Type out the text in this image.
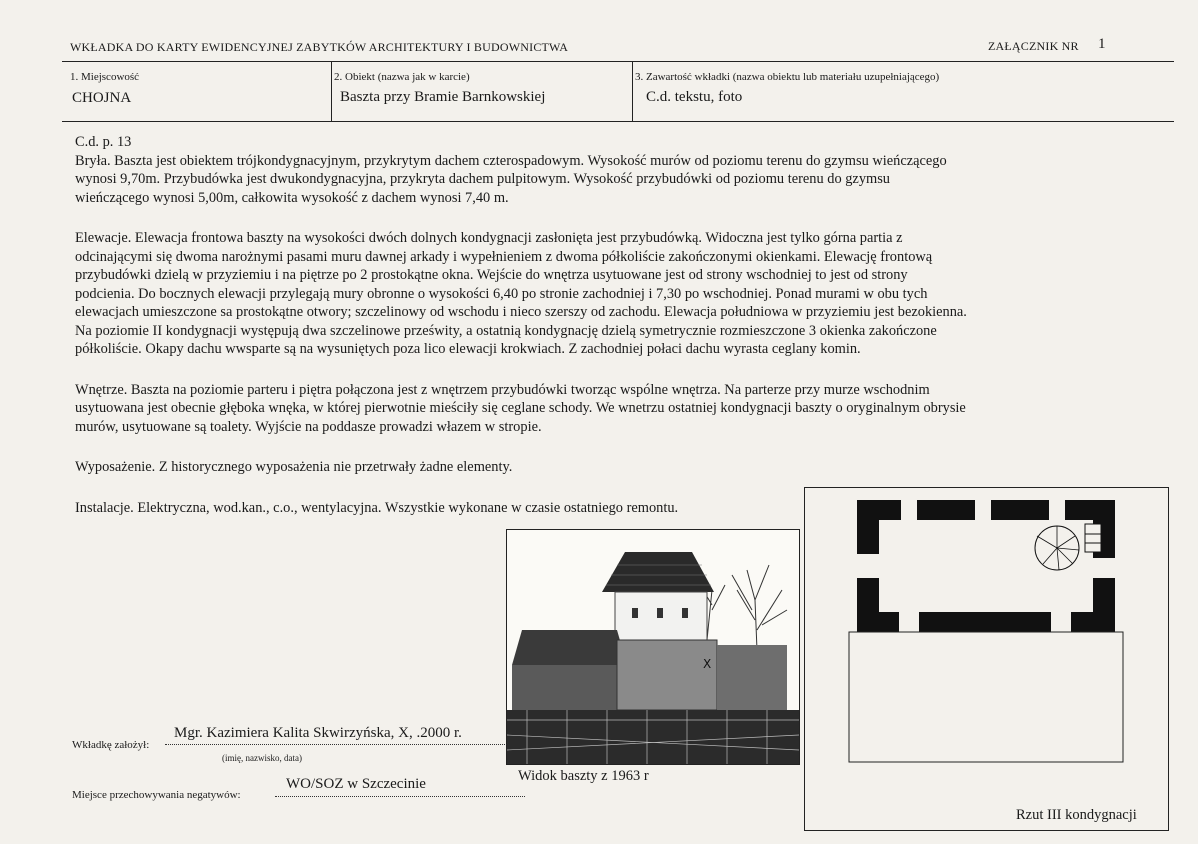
WKŁADKA DO KARTY EWIDENCYJNEJ ZABYTKÓW ARCHITEKTURY I BUDOWNICTWA	ZAŁĄCZNIK NR 1
1. Miejscowość
CHOJNA
2. Obiekt (nazwa jak w karcie)
Baszta przy Bramie Barnkowskiej
3. Zawartość wkładki (nazwa obiektu lub materiału uzupełniającego)
C.d. tekstu, foto

C.d. p. 13
Bryła. Baszta jest obiektem trójkondygnacyjnym, przykrytym dachem czterospadowym. Wysokość murów od poziomu terenu do gzymsu wieńczącego
wynosi 9,70m. Przybudówka jest dwukondygnacyjna, przykryta dachem pulpitowym. Wysokość przybudówki od poziomu terenu do gzymsu
wieńczącego wynosi 5,00m, całkowita wysokość z dachem wynosi 7,40 m.

Elewacje. Elewacja frontowa baszty na wysokości dwóch dolnych kondygnacji zasłonięta jest przybudówką. Widoczna jest tylko górna partia z
odcinającymi się dwoma narożnymi pasami muru dawnej arkady i wypełnieniem z dwoma półkoliście zakończonymi okienkami. Elewację frontową
przybudówki dzielą w przyziemiu i na piętrze po 2 prostokątne okna. Wejście do wnętrza usytuowane jest od strony wschodniej to jest od strony
podcienia. Do bocznych elewacji przylegają mury obronne o wysokości 6,40 po stronie zachodniej i 7,30 po wschodniej. Ponad murami w obu tych
elewacjach umieszczone sa prostokątne otwory; szczelinowy od wschodu i nieco szerszy od zachodu. Elewacja południowa w przyziemiu jest bezokienna.
Na poziomie II kondygnacji występują dwa szczelinowe prześwity, a ostatnią kondygnację dzielą symetrycznie rozmieszczone 3 okienka zakończone
półkoliście. Okapy dachu wwsparte są na wysuniętych poza lico elewacji krokwiach. Z zachodniej połaci dachu wyrasta ceglany komin.

Wnętrze. Baszta na poziomie parteru i piętra połączona jest z wnętrzem przybudówki tworząc wspólne wnętrza. Na parterze przy murze wschodnim
usytuowana jest obecnie głęboka wnęka, w której pierwotnie mieściły się ceglane schody. We wnetrzu ostatniej kondygnacji baszty o oryginalnym obrysie
murów, usytuowane są toalety. Wyjście na poddasze prowadzi włazem w stropie.

Wyposażenie. Z historycznego wyposażenia nie przetrwały żadne elementy.

Instalacje. Elektryczna, wod.kan., c.o., wentylacyjna. Wszystkie wykonane w czasie ostatniego remontu.

X
Widok baszty z 1963 r
Rzut III kondygnacji
Wkładkę założył:
Mgr. Kazimiera Kalita Skwirzyńska, X, .2000 r.
(imię, nazwisko, data)
Miejsce przechowywania negatywów:
WO/SOZ w Szczecinie
